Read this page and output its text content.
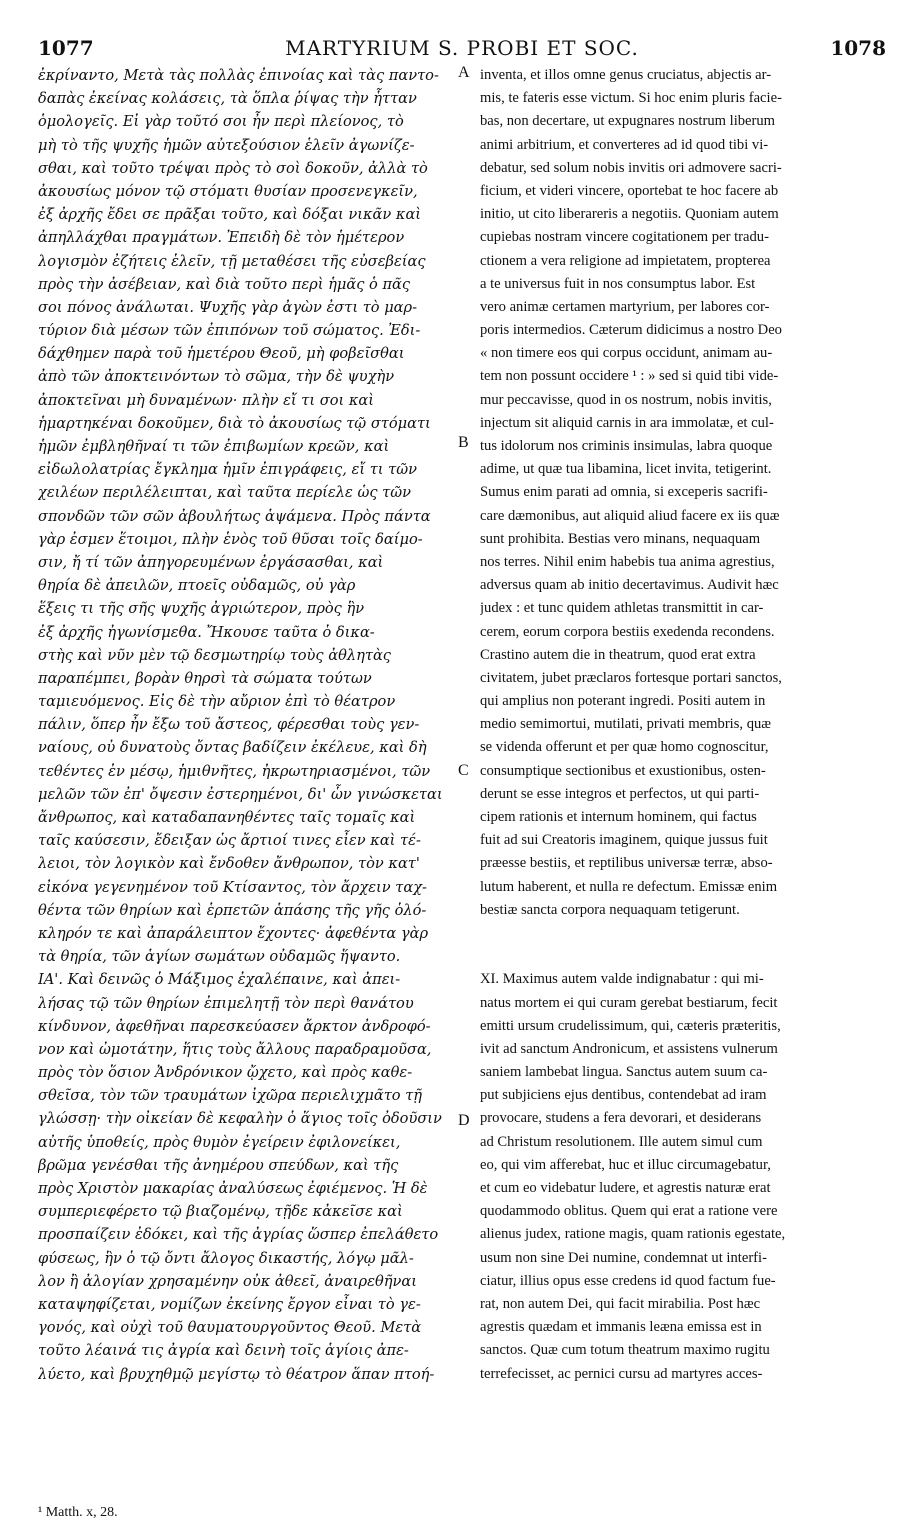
1077	MARTYRIUM S. PROBI ET SOC.	1078
ἐκρίναντο, Μετὰ τὰς πολλὰς ἐπινοίας καὶ τὰς παντο-
δαπὰς ἐκείνας κολάσεις, τὰ ὅπλα ῥίψας τὴν ἧτταν
ὁμολογεῖς. Εἰ γὰρ τοῦτό σοι ἦν περὶ πλείονος, τὸ
μὴ τὸ τῆς ψυχῆς ἡμῶν αὐτεξούσιον ἑλεῖν ἀγωνίζε-
σθαι, καὶ τοῦτο τρέψαι πρὸς τὸ σοὶ δοκοῦν, ἀλλὰ τὸ
ἀκουσίως μόνον τῷ στόματι θυσίαν προσενεγκεῖν,
ἐξ ἀρχῆς ἔδει σε πρᾶξαι τοῦτο, καὶ δόξαι νικᾶν καὶ
ἀπηλλάχθαι πραγμάτων. Ἐπειδὴ δὲ τὸν ἡμέτερον
λογισμὸν ἐζήτεις ἑλεῖν, τῇ μεταθέσει τῆς εὐσεβείας
πρὸς τὴν ἀσέβειαν, καὶ διὰ τοῦτο περὶ ἡμᾶς ὁ πᾶς
σοι πόνος ἀνάλωται. Ψυχῆς γὰρ ἀγὼν ἐστι τὸ μαρ-
τύριον διὰ μέσων τῶν ἐπιπόνων τοῦ σώματος. Ἐδι-
δάχθημεν παρὰ τοῦ ἡμετέρου Θεοῦ, μὴ φοβεῖσθαι
ἀπὸ τῶν ἀποκτεινόντων τὸ σῶμα, τὴν δὲ ψυχὴν
ἀποκτεῖναι μὴ δυναμένων· πλὴν εἴ τι σοι καὶ
ἡμαρτηκέναι δοκοῦμεν, διὰ τὸ ἀκουσίως τῷ στόματι
ἡμῶν ἐμβληθῆναί τι τῶν ἐπιβωμίων κρεῶν, καὶ
εἰδωλολατρίας ἔγκλημα ἡμῖν ἐπιγράφεις, εἴ τι τῶν
χειλέων περιλέλειπται, καὶ ταῦτα περίελε ὡς τῶν
σπονδῶν τῶν σῶν ἀβουλήτως ἁψάμενα. Πρὸς πάντα
γὰρ ἐσμεν ἕτοιμοι, πλὴν ἑνὸς τοῦ θῦσαι τοῖς δαίμο-
σιν, ἤ τί τῶν ἀπηγορευμένων ἐργάσασθαι, καὶ
θηρία δὲ ἀπειλῶν, πτοεῖς οὐδαμῶς, οὐ γὰρ
ἕξεις τι τῆς σῆς ψυχῆς ἀγριώτερον, πρὸς ἣν
ἐξ ἀρχῆς ἠγωνίσμεθα. Ἤκουσε ταῦτα ὁ δικα-
στὴς καὶ νῦν μὲν τῷ δεσμωτηρίῳ τοὺς ἀθλητὰς
παραπέμπει, βορὰν θηρσὶ τὰ σώματα τούτων
ταμιευόμενος. Εἰς δὲ τὴν αὔριον ἐπὶ τὸ θέατρον
πάλιν, ὅπερ ἦν ἔξω τοῦ ἄστεος, φέρεσθαι τοὺς γεν-
ναίους, οὐ δυνατοὺς ὄντας βαδίζειν ἐκέλευε, καὶ δὴ
τεθέντες ἐν μέσῳ, ἡμιθνῆτες, ἠκρωτηριασμένοι, τῶν
μελῶν τῶν ἐπ' ὄψεσιν ἐστερημένοι, δι' ὧν γινώσκεται
ἄνθρωπος, καὶ καταδαπανηθέντες ταῖς τομαῖς καὶ
ταῖς καύσεσιν, ἔδειξαν ὡς ἄρτιοί τινες εἶεν καὶ τέ-
λειοι, τὸν λογικὸν καὶ ἔνδοθεν ἄνθρωπον, τὸν κατ'
εἰκόνα γεγενημένον τοῦ Κτίσαντος, τὸν ἄρχειν ταχ-
θέντα τῶν θηρίων καὶ ἑρπετῶν ἁπάσης τῆς γῆς ὁλό-
κληρόν τε καὶ ἀπαράλειπτον ἔχοντες· ἀφεθέντα γὰρ
τὰ θηρία, τῶν ἁγίων σωμάτων οὐδαμῶς ἥψαντο.
ΙΑ'. Καὶ δεινῶς ὁ Μάξιμος ἐχαλέπαινε, καὶ ἀπει-
λήσας τῷ τῶν θηρίων ἐπιμελητῇ τὸν περὶ θανάτου
κίνδυνον, ἀφεθῆναι παρεσκεύασεν ἄρκτον ἀνδροφό-
νον καὶ ὠμοτάτην, ἥτις τοὺς ἄλλους παραδραμοῦσα,
πρὸς τὸν ὅσιον Ἀνδρόνικον ᾤχετο, καὶ πρὸς καθε-
σθεῖσα, τὸν τῶν τραυμάτων ἰχῶρα περιελιχμᾶτο τῇ
γλώσσῃ· τὴν οἰκείαν δὲ κεφαλὴν ὁ ἅγιος τοῖς ὀδοῦσιν
αὐτῆς ὑποθείς, πρὸς θυμὸν ἐγείρειν ἐφιλονείκει,
βρῶμα γενέσθαι τῆς ἀνημέρου σπεύδων, καὶ τῆς
πρὸς Χριστὸν μακαρίας ἀναλύσεως ἐφιέμενος. Ἡ δὲ
συμπεριεφέρετο τῷ βιαζομένῳ, τῇδε κἀκεῖσε καὶ
προσπαίζειν ἐδόκει, καὶ τῆς ἀγρίας ὥσπερ ἐπελάθετο
φύσεως, ἣν ὁ τῷ ὄντι ἄλογος δικαστής, λόγῳ μᾶλ-
λον ἢ ἀλογίαν χρησαμένην οὐκ ἀθεεῖ, ἀναιρεθῆναι
καταψηφίζεται, νομίζων ἐκείνης ἔργον εἶναι τὸ γε-
γονός, καὶ οὐχὶ τοῦ θαυματουργοῦντος Θεοῦ. Μετὰ
τοῦτο λέαινά τις ἀγρία καὶ δεινὴ τοῖς ἁγίοις ἀπε-
λύετο, καὶ βρυχηθμῷ μεγίστῳ τὸ θέατρον ἅπαν πτοή-
inventa, et illos omne genus cruciatus, abjectis ar-
mis, te fateris esse victum. Si hoc enim pluris facie-
bas, non decertare, ut expugnares nostrum liberum
animi arbitrium, et converteres ad id quod tibi vi-
debatur, sed solum nobis invitis ori admovere sacri-
ficium, et videri vincere, oportebat te hoc facere ab
initio, ut cito liberareris a negotiis. Quoniam autem
cupiebas nostram vincere cogitationem per tradu-
ctionem a vera religione ad impietatem, propterea
a te universus fuit in nos consumptus labor. Est
vero animæ certamen martyrium, per labores cor-
poris intermedios. Cæterum didicimus a nostro Deo
« non timere eos qui corpus occidunt, animam au-
tem non possunt occidere ¹ : » sed si quid tibi vide-
mur peccavisse, quod in os nostrum, nobis invitis,
injectum sit aliquid carnis in ara immolatæ, et cul-
tus idolorum nos criminis insimulas, labra quoque
adime, ut quæ tua libamina, licet invita, tetigerint.
Sumus enim parati ad omnia, si exceperis sacrifi-
care dæmonibus, aut aliquid aliud facere ex iis quæ
sunt prohibita. Bestias vero minans, nequaquam
nos terres. Nihil enim habebis tua anima agrestius,
adversus quam ab initio decertavimus. Audivit hæc
judex : et tunc quidem athletas transmittit in car-
cerem, eorum corpora bestiis exedenda recondens.
Crastino autem die in theatrum, quod erat extra
civitatem, jubet præclaros fortesque portari sanctos,
qui amplius non poterant ingredi. Positi autem in
medio semimortui, mutilati, privati membris, quæ
se videnda offerunt et per quæ homo cognoscitur,
consumptique sectionibus et exustionibus, osten-
derunt se esse integros et perfectos, ut qui parti-
cipem rationis et internum hominem, qui factus
fuit ad sui Creatoris imaginem, quique jussus fuit
præesse bestiis, et reptilibus universæ terræ, abso-
lutum haberent, et nulla re defectum. Emissæ enim
bestiæ sancta corpora nequaquam tetigerunt.
XI. Maximus autem valde indignabatur : qui mi-
natus mortem ei qui curam gerebat bestiarum, fecit
emitti ursum crudelissimum, qui, cæteris præteritis,
ivit ad sanctum Andronicum, et assistens vulnerum
saniem lambebat lingua. Sanctus autem suum ca-
put subjiciens ejus dentibus, contendebat ad iram
provocare, studens a fera devorari, et desiderans
ad Christum resolutionem. Ille autem simul cum
eo, qui vim afferebat, huc et illuc circumagebatur,
et cum eo videbatur ludere, et agrestis naturæ erat
quodammodo oblitus. Quem qui erat a ratione vere
alienus judex, ratione magis, quam rationis egestate,
usum non sine Dei numine, condemnat ut interfi-
ciatur, illius opus esse credens id quod factum fue-
rat, non autem Dei, qui facit mirabilia. Post hæc
agrestis quædam et immanis leæna emissa est in
sanctos. Quæ cum totum theatrum maximo rugitu
terrefecisset, ac pernici cursu ad martyres acces-
A
B
C
D
¹ Matth. x, 28.
